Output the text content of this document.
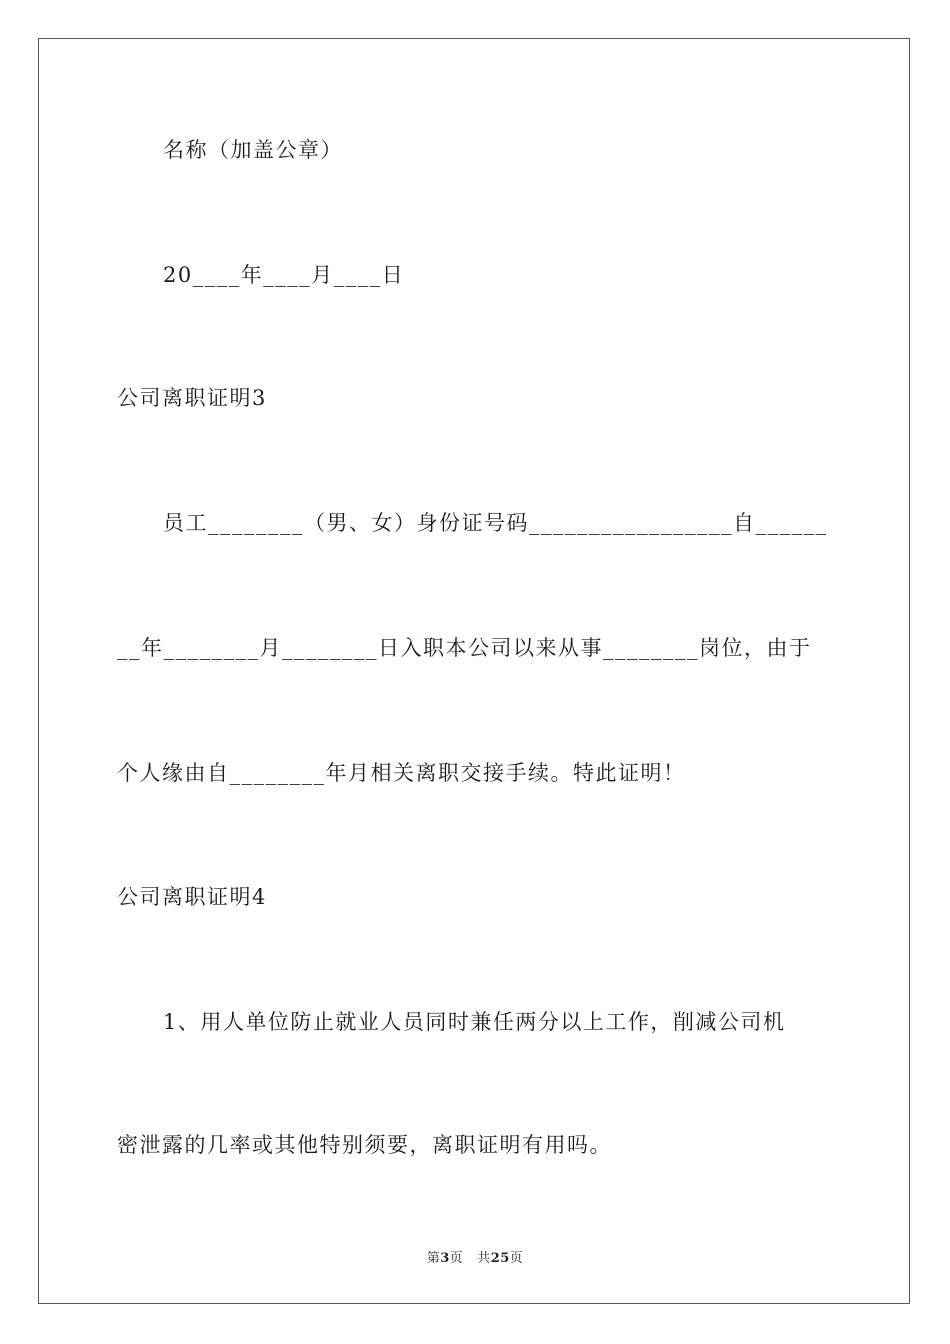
名称（加盖公章）
20____年____月____日
公司离职证明3
员工________（男、女）身份证号码_________________自______
__年________月________日入职本公司以来从事________岗位，由于
个人缘由自________年月相关离职交接手续。特此证明！
公司离职证明4
1、用人单位防止就业人员同时兼任两分以上工作，削减公司机
密泄露的几率或其他特别须要，离职证明有用吗。
第3页 共25页
